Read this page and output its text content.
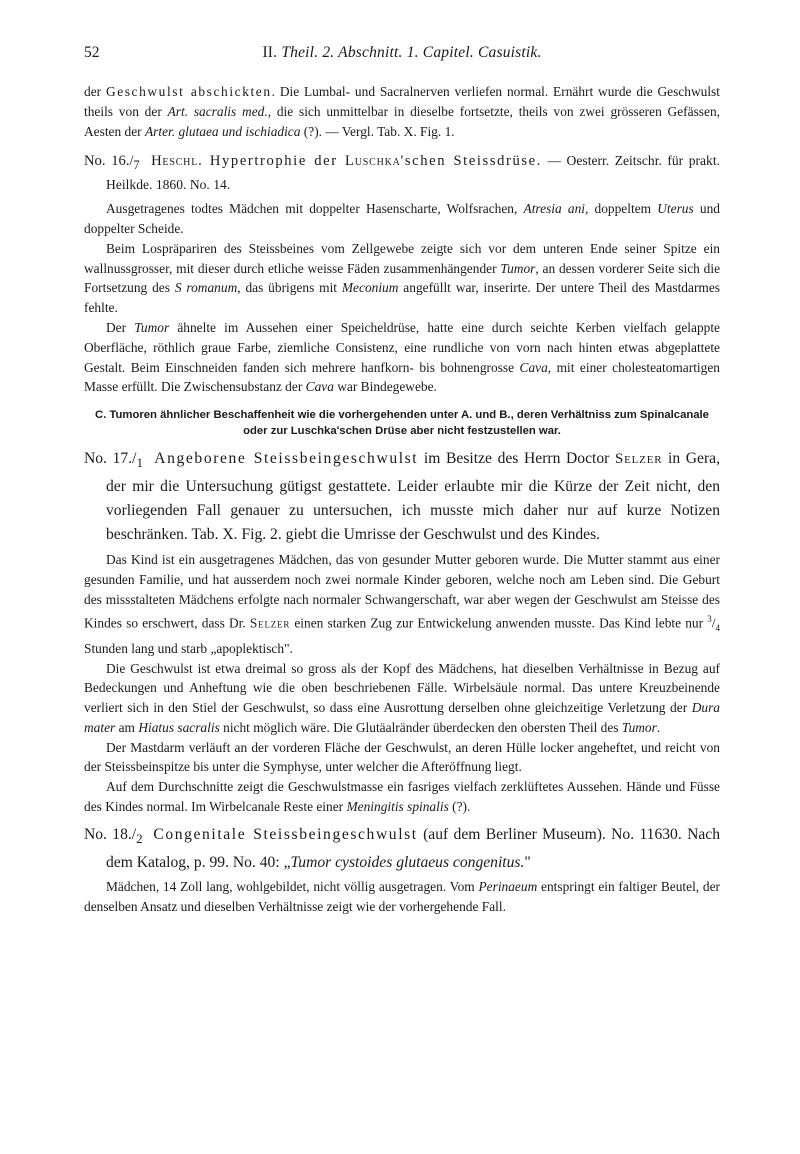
52	II. Theil. 2. Abschnitt. 1. Capitel. Casuistik.

der Geschwulst abschickten. Die Lumbal- und Sacralnerven verliefen normal. Ernährt wurde die Geschwulst theils von der Art. sacralis med., die sich unmittelbar in dieselbe fortsetzte, theils von zwei grösseren Gefässen, Aesten der Arter. glutaea und ischiadica (?). — Vergl. Tab. X. Fig. 1.

No. $16./_7$ Heschl. Hypertrophie der Luschka'schen Steissdrüse. — Oesterr. Zeitschr. für prakt. Heilkde. 1860. No. 14.

Ausgetragenes todtes Mädchen mit doppelter Hasenscharte, Wolfsrachen, Atresia ani, doppeltem Uterus und doppelter Scheide.

Beim Lospräpariren des Steissbeines vom Zellgewebe zeigte sich vor dem unteren Ende seiner Spitze ein wallnussgrosser, mit dieser durch etliche weisse Fäden zusammenhängender Tumor, an dessen vorderer Seite sich die Fortsetzung des S romanum, das übrigens mit Meconium angefüllt war, inserirte. Der untere Theil des Mastdarmes fehlte.

Der Tumor ähnelte im Aussehen einer Speicheldrüse, hatte eine durch seichte Kerben vielfach gelappte Oberfläche, röthlich graue Farbe, ziemliche Consistenz, eine rundliche von vorn nach hinten etwas abgeplattete Gestalt. Beim Einschneiden fanden sich mehrere hanfkorn- bis bohnengrosse Cava, mit einer cholesteatomartigen Masse erfüllt. Die Zwischensubstanz der Cava war Bindegewebe.

C. Tumoren ähnlicher Beschaffenheit wie die vorhergehenden unter A. und B., deren Verhältniss zum Spinalcanale oder zur Luschka'schen Drüse aber nicht festzustellen war.

No. $17./_1$ Angeborene Steissbeingeschwulst im Besitze des Herrn Doctor Selzer in Gera, der mir die Untersuchung gütigst gestattete. Leider erlaubte mir die Kürze der Zeit nicht, den vorliegenden Fall genauer zu untersuchen, ich musste mich daher nur auf kurze Notizen beschränken. Tab. X. Fig. 2. giebt die Umrisse der Geschwulst und des Kindes.

Das Kind ist ein ausgetragenes Mädchen, das von gesunder Mutter geboren wurde. Die Mutter stammt aus einer gesunden Familie, und hat ausserdem noch zwei normale Kinder geboren, welche noch am Leben sind. Die Geburt des missstalteten Mädchens erfolgte nach normaler Schwangerschaft, war aber wegen der Geschwulst am Steisse des Kindes so erschwert, dass Dr. Selzer einen starken Zug zur Entwickelung anwenden musste. Das Kind lebte nur $^3/_4$ Stunden lang und starb „apoplektisch".

Die Geschwulst ist etwa dreimal so gross als der Kopf des Mädchens, hat dieselben Verhältnisse in Bezug auf Bedeckungen und Anheftung wie die oben beschriebenen Fälle. Wirbelsäule normal. Das untere Kreuzbeinende verliert sich in den Stiel der Geschwulst, so dass eine Ausrottung derselben ohne gleichzeitige Verletzung der Dura mater am Hiatus sacralis nicht möglich wäre. Die Glutäalränder überdecken den obersten Theil des Tumor.

Der Mastdarm verläuft an der vorderen Fläche der Geschwulst, an deren Hülle locker angeheftet, und reicht von der Steissbeinspitze bis unter die Symphyse, unter welcher die Afteröffnung liegt.

Auf dem Durchschnitte zeigt die Geschwulstmasse ein fasriges vielfach zerklüftetes Aussehen. Hände und Füsse des Kindes normal. Im Wirbelcanale Reste einer Meningitis spinalis (?).

No. $18./_2$ Congenitale Steissbeingeschwulst (auf dem Berliner Museum). No. 11630. Nach dem Katalog, p. 99. No. 40: „Tumor cystoides glutaeus congenitus."

Mädchen, 14 Zoll lang, wohlgebildet, nicht völlig ausgetragen. Vom Perinaeum entspringt ein faltiger Beutel, der denselben Ansatz und dieselben Verhältnisse zeigt wie der vorhergehende Fall.
